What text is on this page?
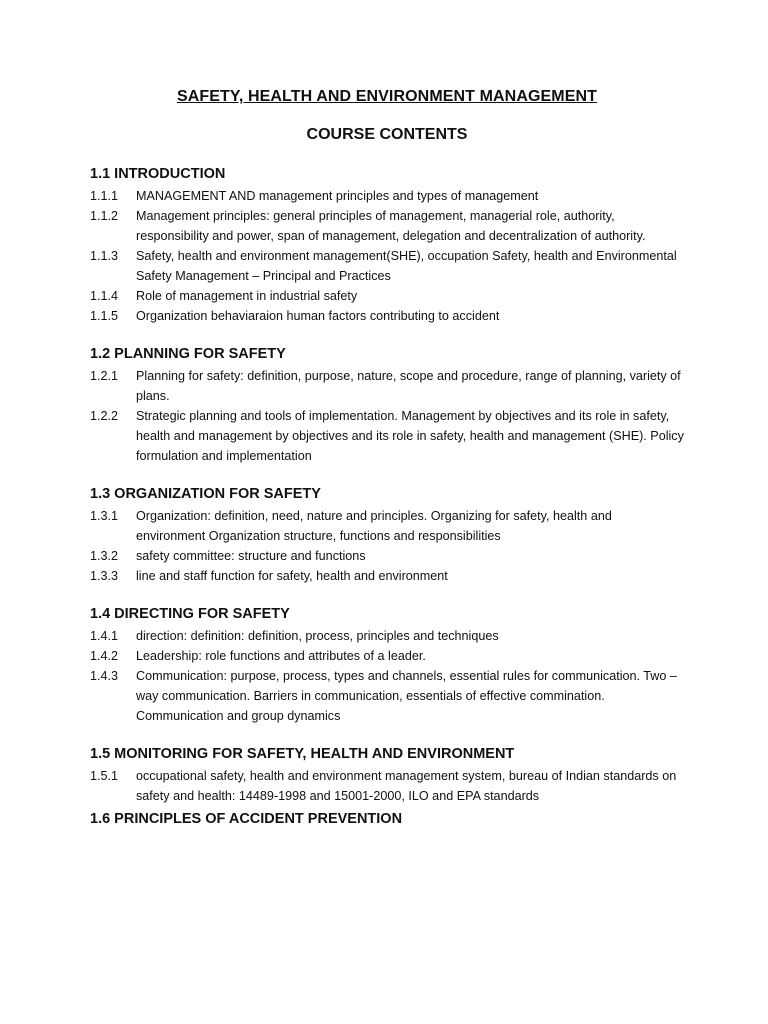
SAFETY, HEALTH AND ENVIRONMENT MANAGEMENT
COURSE CONTENTS
1.1 INTRODUCTION
1.1.1	MANAGEMENT AND management principles and types of management
1.1.2	Management principles: general principles of management, managerial role, authority, responsibility and power, span of management, delegation and decentralization of authority.
1.1.3	Safety, health and environment management(SHE), occupation Safety, health and Environmental Safety Management – Principal and Practices
1.1.4	Role of management in industrial safety
1.1.5	Organization behaviaraion human factors contributing to accident
1.2 PLANNING FOR SAFETY
1.2.1	Planning for safety: definition, purpose, nature, scope and procedure, range of planning, variety of plans.
1.2.2	Strategic planning and tools of implementation. Management by objectives and its role in safety, health and management by objectives and its role in safety, health and management (SHE). Policy formulation and implementation
1.3 ORGANIZATION FOR SAFETY
1.3.1	Organization: definition, need, nature and principles. Organizing for safety, health and environment Organization structure, functions and responsibilities
1.3.2	safety committee: structure and functions
1.3.3	line and staff function for safety, health and environment
1.4 DIRECTING FOR SAFETY
1.4.1	direction: definition: definition, process, principles and techniques
1.4.2	Leadership: role functions and attributes of a leader.
1.4.3	Communication: purpose, process, types and channels, essential rules for communication. Two – way communication. Barriers in communication, essentials of effective commination. Communication and group dynamics
1.5 MONITORING FOR SAFETY, HEALTH AND ENVIRONMENT
1.5.1	occupational safety, health and environment management system, bureau of Indian standards on safety and health: 14489-1998 and 15001-2000, ILO and EPA standards
1.6 PRINCIPLES OF ACCIDENT PREVENTION
